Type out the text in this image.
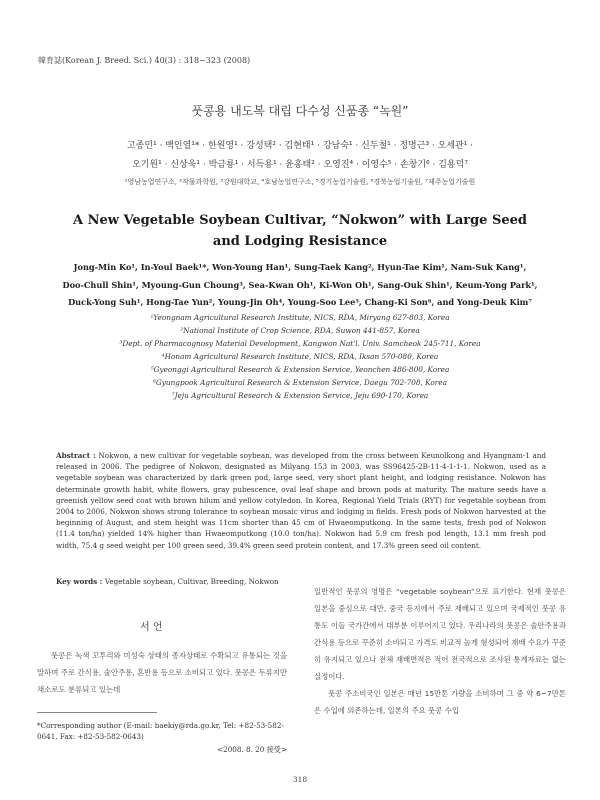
韓育誌(Korean J. Breed. Sci.) 40(3) : 318~323 (2008)
풋콩용 내도복 대립 다수성 신품종 “녹원”
고종민¹ · 백인열¹* · 한원영¹ · 강성택² · 김현태¹ · 강남숙¹ · 신두철¹ · 정명근³ · 오세관¹ ·
오기원¹ · 신상욱¹ · 박금룡¹ · 서득용¹ · 윤홍태² · 오영진⁴ · 이영수⁵ · 손창기⁶ · 김용덕⁷
¹영남농업연구소, ²작물과학원, ³강원대학교, ⁴호남농업연구소, ⁵경기농업기술원, ⁶경북농업기술원, ⁷제주농업기술원
A New Vegetable Soybean Cultivar, “Nokwon” with Large Seed
and Lodging Resistance
Jong-Min Ko¹, In-Youl Baek¹*, Won-Young Han¹, Sung-Taek Kang², Hyun-Tae Kim¹, Nam-Suk Kang¹,
Doo-Chull Shin¹, Myoung-Gun Choung³, Sea-Kwan Oh¹, Ki-Won Oh¹, Sang-Ouk Shin¹, Keum-Yong Park¹,
Duck-Yong Suh¹, Hong-Tae Yun², Young-Jin Oh⁴, Young-Soo Lee⁵, Chang-Ki Son⁶, and Yong-Deuk Kim⁷
¹Yeongnam Agricultural Research Institute, NICS, RDA, Miryang 627-803, Korea
²National Institute of Crop Science, RDA, Suwon 441-857, Korea
³Dept. of Pharmacognosy Material Development, Kangwon Nat'l. Univ. Samcheok 245-711, Korea
⁴Honam Agricultural Research Institute, NICS, RDA, Iksan 570-080, Korea
⁵Gyeonggi Agricultural Research & Extension Service, Yeonchen 486-800, Korea
⁶Gyungpook Agricultural Research & Extension Service, Daegu 702-708, Korea
⁷Jeju Agricultural Research & Extension Service, Jeju 690-170, Korea
Abstract : Nokwon, a new cultivar for vegetable soybean, was developed from the cross between Keunolkong and Hyangnam-1 and released in 2006. The pedigree of Nokwon, designated as Milyang 153 in 2003, was SS96425-2B-11-4-1-1-1. Nokwon, used as a vegetable soybean was characterized by dark green pod, large seed, very short plant height, and lodging resistance. Nokwon has determinate growth habit, white flowers, gray pubescence, oval leaf shape and brown pods at maturity. The mature seeds have a greenish yellow seed coat with brown hilum and yellow cotyledon. In Korea, Regional Yield Trials (RYT) for vegetable soybean from 2004 to 2006, Nokwon shows strong tolerance to soybean mosaic virus and lodging in fields. Fresh pods of Nokwon harvested at the beginning of August, and stem height was 11cm shorter than 45 cm of Hwaeomputkong. In the same tests, fresh pod of Nokwon (11.4 ton/ha) yielded 14% higher than Hwaeomputkong (10.0 ton/ha). Nokwon had 5.9 cm fresh pod length, 13.1 mm fresh pod width, 75.4 g seed weight per 100 green seed, 39.4% green seed protein content, and 17.3% green seed oil content.
Key words : Vegetable soybean, Cultivar, Breeding, Nokwon
서 언

풋콩은 녹색 꼬투리와 미성숙 상태의 종자상태로 수확되고 유통되는 것을 말하며 주로 간식용, 술안주용, 혼반용 등으로 소비되고 있다. 풋콩은 두류지만 채소로도 분류되고 있는데

일반적인 풋콩의 영명은 “vegetable soybean”으로 표기한다. 현재 풋콩은 일본을 중심으로 대만, 중국 등지에서 주로 재배되고 있으며 국제적인 풋콩 유통도 이들 국가간에서 대부분 이루어지고 있다. 우리나라의 풋콩은 술안주용과 간식용 등으로 꾸준히 소비되고 가격도 비교적 높게 형성되어 재배 수요가 꾸준히 유지되고 있으나 전체 재배면적은 적어 전국적으로 조사된 통계자료는 없는 실정이다.

풋콩 주소비국인 일본은 매년 15만톤 가량을 소비하며 그 중 약 6~7만톤은 수입에 의존하는데, 일본의 주요 풋콩 수입

*Corresponding author (E-mail: baekiy@rda.go.kr, Tel: +82-53-582-0641, Fax: +82-53-582-0643)
<2008. 8. 20 接受>
318
